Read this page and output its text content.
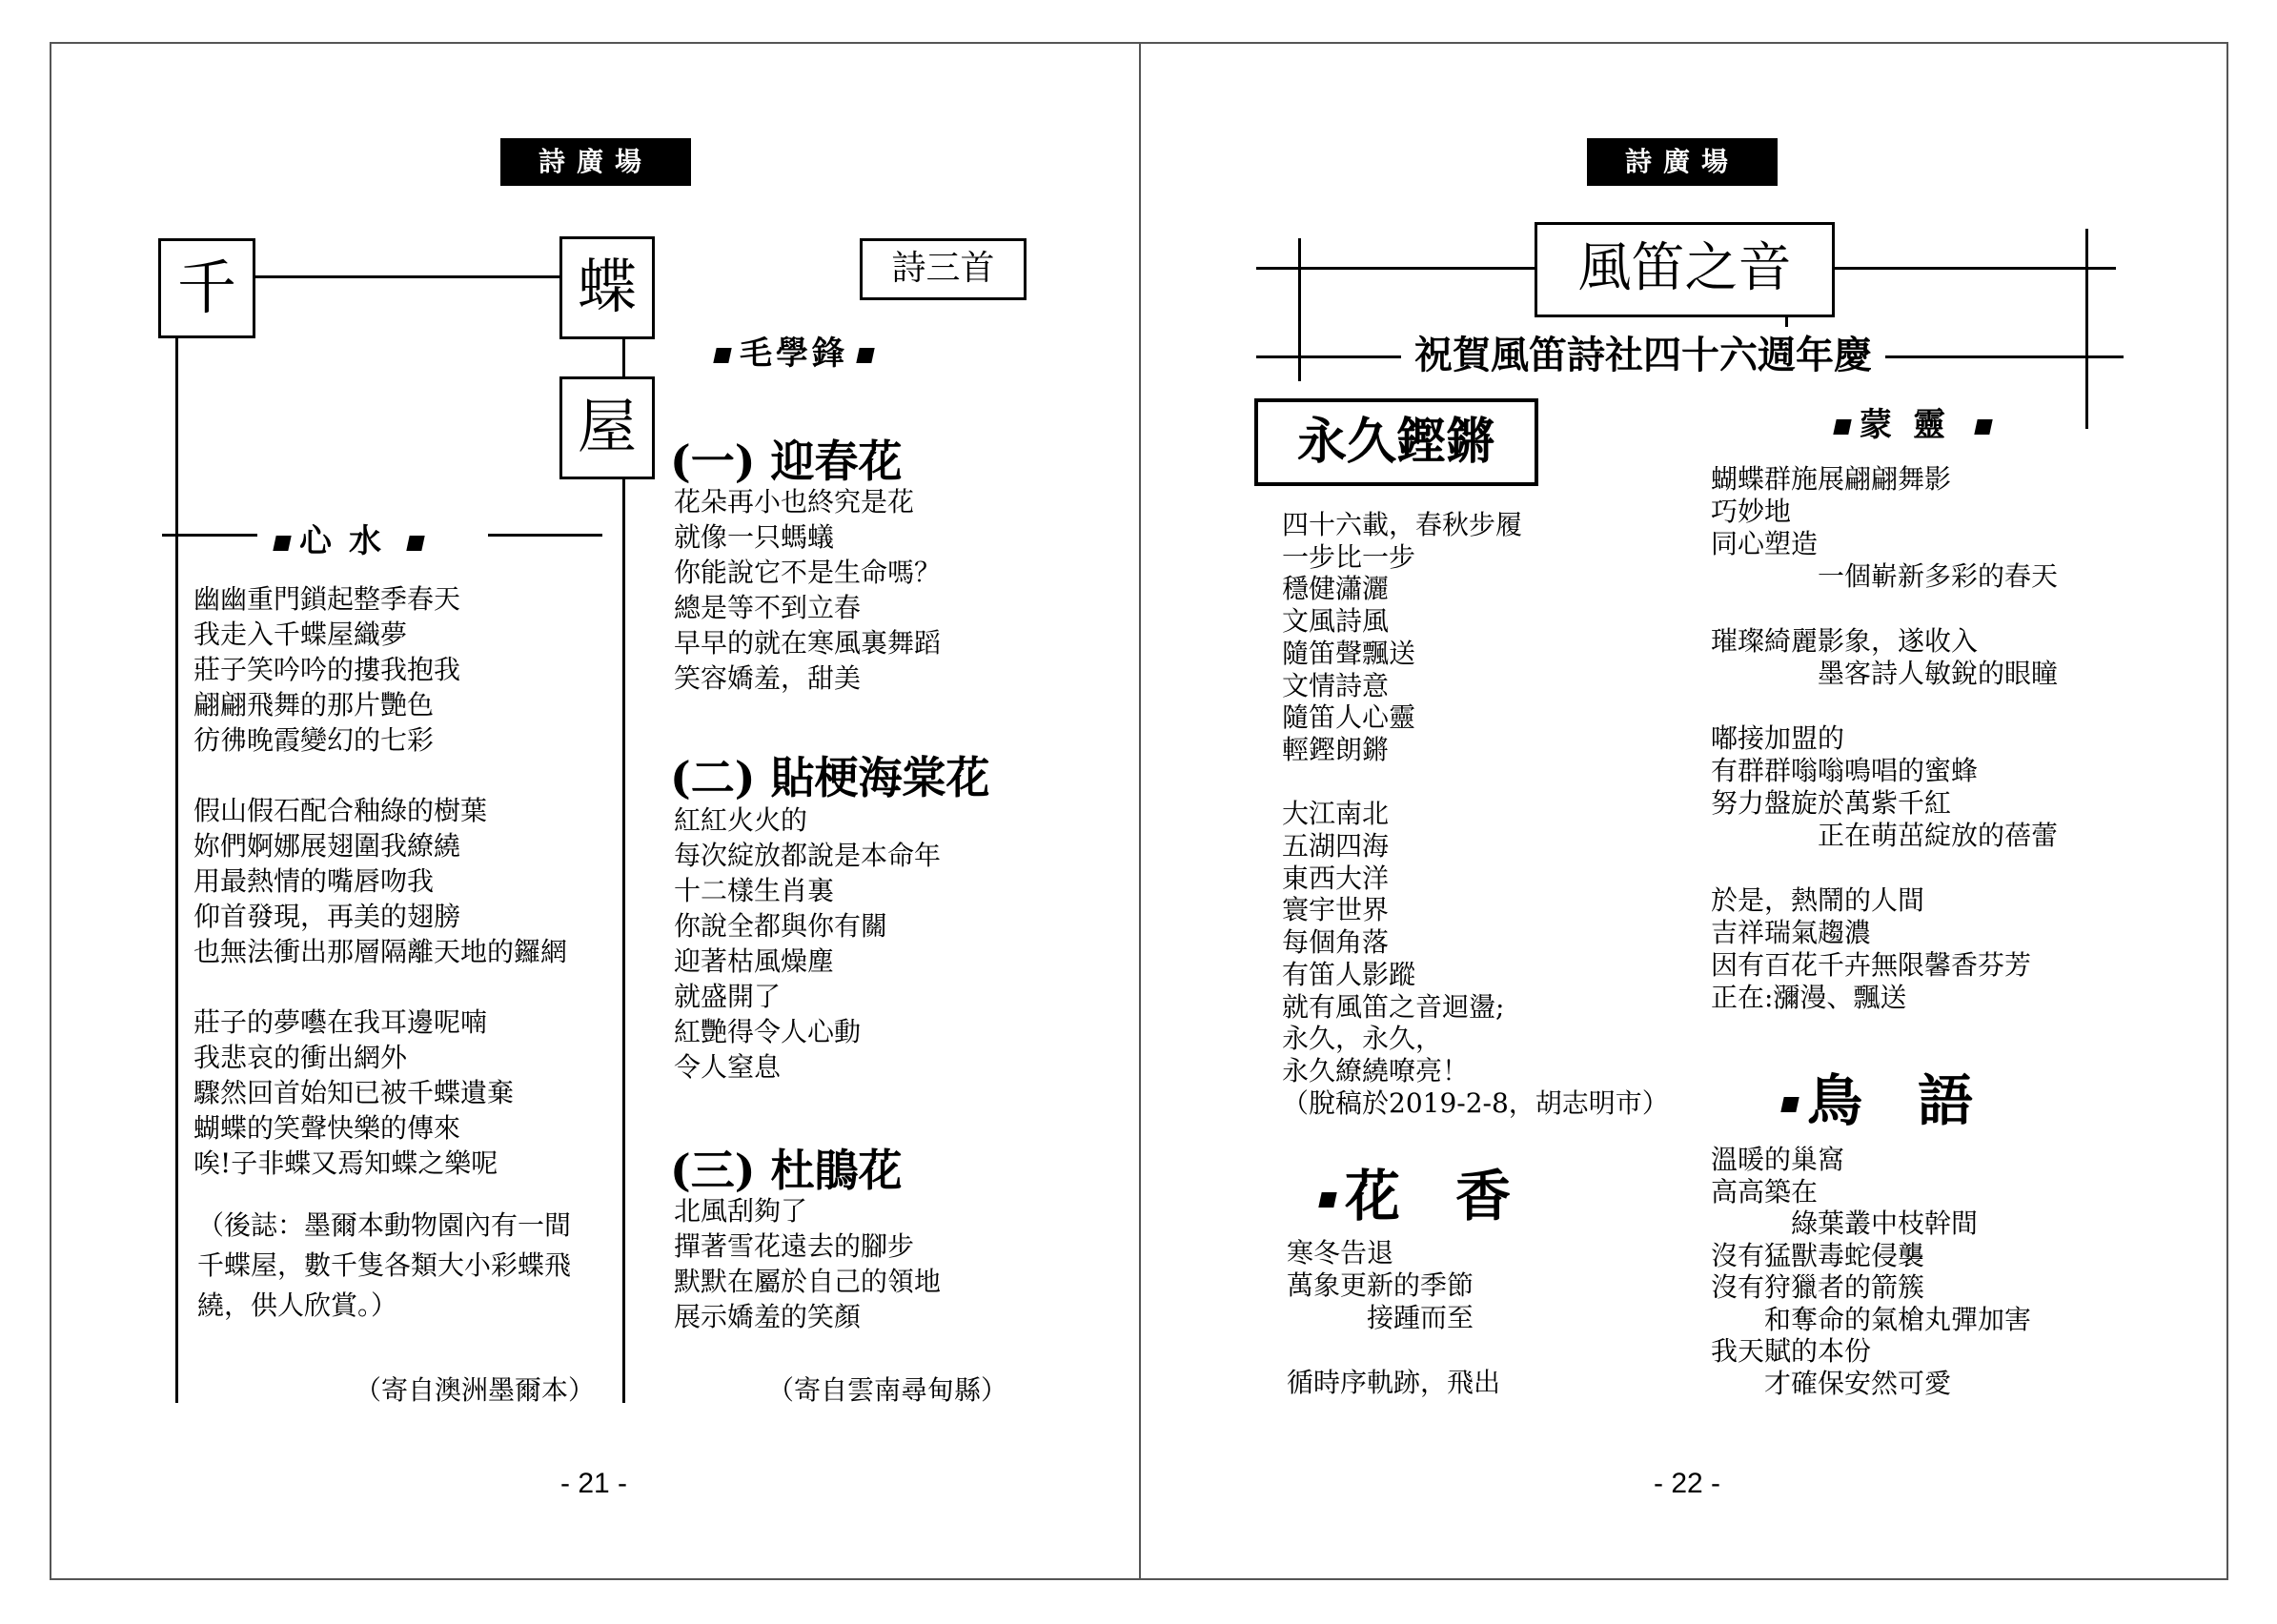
詩廣場
千	蝶
屋
心水
幽幽重門鎖起整季春天
我走入千蝶屋織夢
莊子笑吟吟的摟我抱我
翩翩飛舞的那片艷色
彷彿晚霞變幻的七彩

假山假石配合釉綠的樹葉
妳們婀娜展翅圍我繚繞
用最熱情的嘴唇吻我
仰首發現，再美的翅膀
也無法衝出那層隔離天地的鑼網

莊子的夢囈在我耳邊呢喃
我悲哀的衝出網外
驟然回首始知已被千蝶遺棄
蝴蝶的笑聲快樂的傳來
唉!子非蝶又焉知蝶之樂呢
（後誌：墨爾本動物園內有一間
千蝶屋，數千隻各類大小彩蝶飛
繞，供人欣賞。）
（寄自澳洲墨爾本）
詩三首
毛學鋒
(一) 迎春花
花朵再小也終究是花
就像一只螞蟻
你能說它不是生命嗎？
總是等不到立春
早早的就在寒風裏舞蹈
笑容嬌羞，甜美
(二) 貼梗海棠花
紅紅火火的
每次綻放都說是本命年
十二樣生肖裏
你說全都與你有關
迎著枯風燥塵
就盛開了
紅艷得令人心動
令人窒息
(三) 杜鵑花
北風刮夠了
撣著雪花遠去的腳步
默默在屬於自己的領地
展示嬌羞的笑顏
（寄自雲南尋甸縣）
- 21 -
詩廣場
風笛之音
祝賀風笛詩社四十六週年慶
永久鏗鏘	蒙靈
四十六載，春秋步履
一步比一步
穩健瀟灑
文風詩風
隨笛聲飄送
文情詩意
隨笛人心靈
輕鏗朗鏘

大江南北
五湖四海
東西大洋
寰宇世界
每個角落
有笛人影蹤
就有風笛之音迴盪;
永久，永久，
永久繚繞嘹亮！
（脫稿於2019-2-8，胡志明市）
花　香
寒冬告退
萬象更新的季節
　　　接踵而至

循時序軌跡，飛出
蝴蝶群施展翩翩舞影
巧妙地
同心塑造
　　　　一個嶄新多彩的春天

璀璨綺麗影象，遂收入
　　　　墨客詩人敏銳的眼瞳

嘟接加盟的
有群群嗡嗡鳴唱的蜜蜂
努力盤旋於萬紫千紅
　　　　正在萌茁綻放的蓓蕾

於是，熱鬧的人間
吉祥瑞氣趨濃
因有百花千卉無限馨香芬芳
正在:瀰漫、飄送
鳥　語
溫暖的巢窩
高高築在
　　　綠葉叢中枝幹間
沒有猛獸毒蛇侵襲
沒有狩獵者的箭簇
　　和奪命的氣槍丸彈加害
我天賦的本份
　　才確保安然可愛
- 22 -
